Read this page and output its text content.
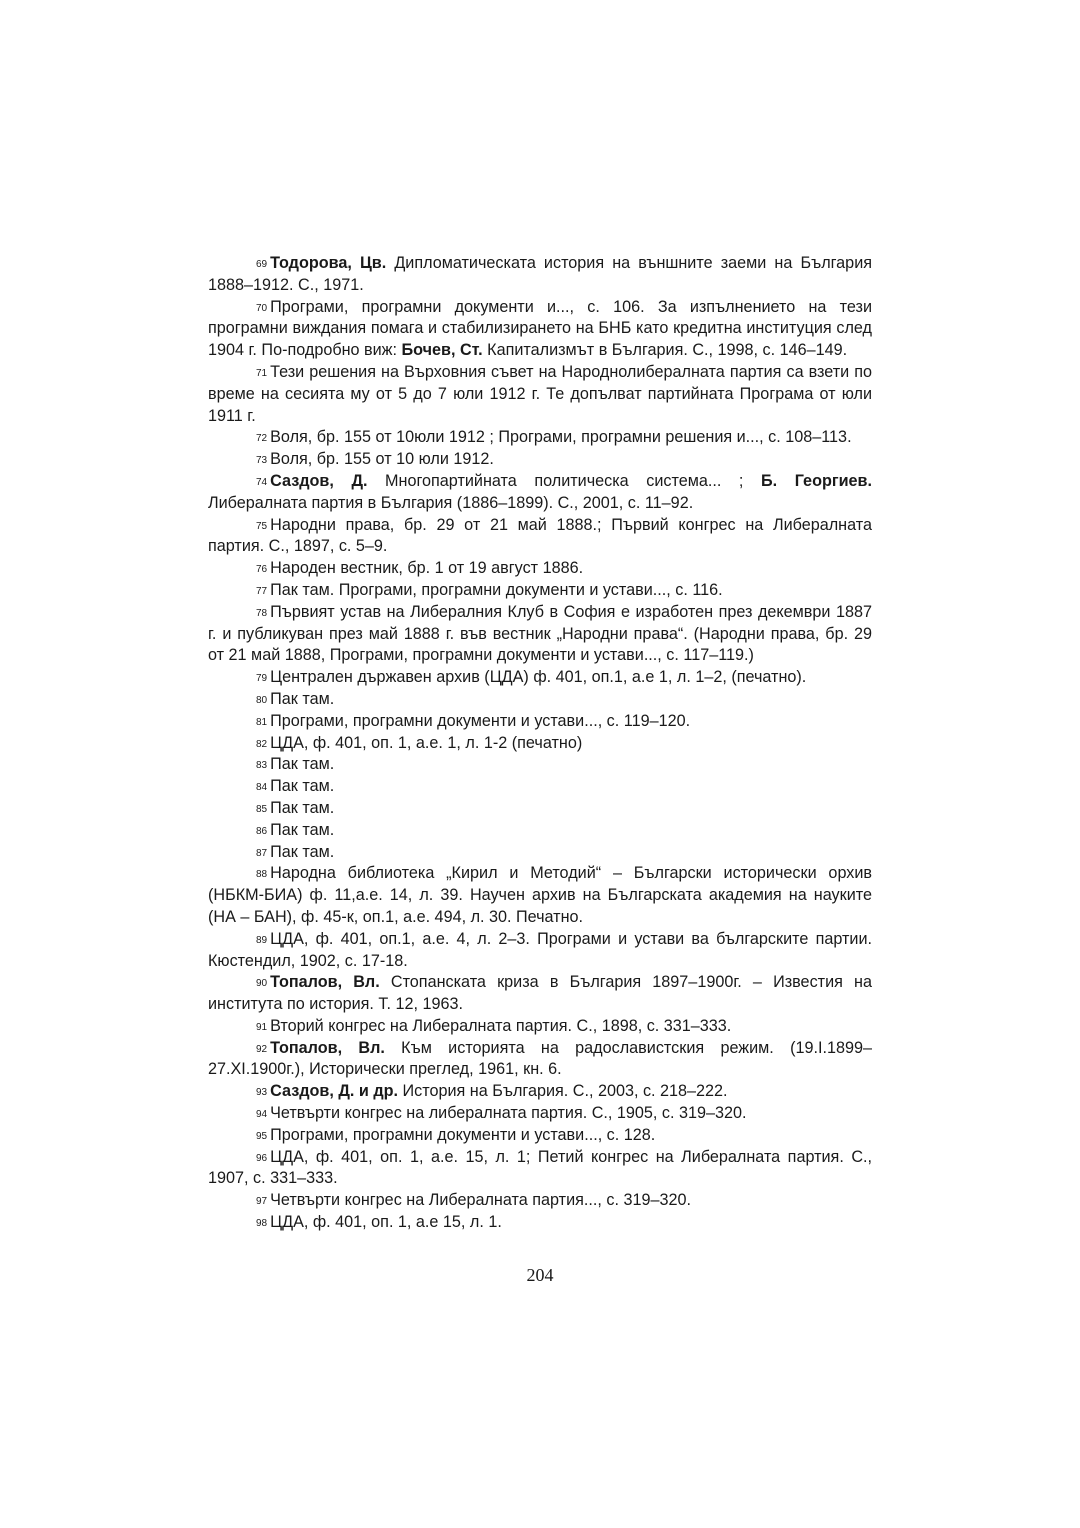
$^{69}$ Тодорова, Цв. Дипломатическата история на външните заеми на България 1888–1912. С., 1971.

$^{70}$ Програми, програмни документи и..., с. 106. За изпълнението на тези програмни виждания помага и стабилизирането на БНБ като кредитна институция след 1904 г. По-подробно виж: Бочев, Ст. Капитализмът в България. С., 1998, с. 146–149.

$^{71}$ Тези решения на Върховния съвет на Народнолибералната партия са взети по време на сесията му от 5 до 7 юли 1912 г. Те допълват партийната Програма от юли 1911 г.

$^{72}$ Воля, бр. 155 от 10юли 1912 ; Програми, програмни решения и..., с. 108–113.

$^{73}$ Воля, бр. 155 от 10 юли 1912.

$^{74}$ Саздов, Д. Многопартийната политическа система... ; Б. Георгиев. Либералната партия в България (1886–1899). С., 2001, с. 11–92.

$^{75}$ Народни права, бр. 29 от 21 май 1888.; Първий конгрес на Либералната партия. С., 1897, с. 5–9.

$^{76}$ Народен вестник, бр. 1 от 19 август 1886.

$^{77}$ Пак там. Програми, програмни документи и устави..., с. 116.

$^{78}$ Първият устав на Либералния Клуб в София е изработен през декември 1887 г. и публикуван през май 1888 г. във вестник „Народни права“. (Народни права, бр. 29 от 21 май 1888, Програми, програмни документи и устави..., с. 117–119.)

$^{79}$ Централен държавен архив (ЦДА) ф. 401, оп.1, а.е 1, л. 1–2, (печатно).

$^{80}$ Пак там.

$^{81}$ Програми, програмни документи и устави..., с. 119–120.

$^{82}$ ЦДА, ф. 401, оп. 1, а.е. 1, л. 1-2 (печатно)

$^{83}$ Пак там.

$^{84}$ Пак там.

$^{85}$ Пак там.

$^{86}$ Пак там.

$^{87}$ Пак там.

$^{88}$ Народна библиотека „Кирил и Методий“ – Български исторически орхив (НБКМ-БИА) ф. 11,а.е. 14, л. 39. Научен архив на Българската академия на науките (НА – БАН), ф. 45-к, оп.1, а.е. 494, л. 30. Печатно.

$^{89}$ ЦДА, ф. 401, оп.1, а.е. 4, л. 2–3. Програми и устави ва българските партии. Кюстендил, 1902, с. 17-18.

$^{90}$ Топалов, Вл. Стопанската криза в България 1897–1900г. – Известия на института по история. Т. 12, 1963.

$^{91}$ Вторий конгрес на Либералната партия. С., 1898, с. 331–333.

$^{92}$ Топалов, Вл. Към историята на радославистския режим. (19.I.1899–27.XI.1900г.), Исторически преглед, 1961, кн. 6.

$^{93}$ Саздов, Д. и др. История на България. С., 2003, с. 218–222.

$^{94}$ Четвърти конгрес на либералната партия. С., 1905, с. 319–320.

$^{95}$ Програми, програмни документи и устави..., с. 128.

$^{96}$ ЦДА, ф. 401, оп. 1, а.е. 15, л. 1; Петий конгрес на Либералната партия. С., 1907, с. 331–333.

$^{97}$ Четвърти конгрес на Либералната партия..., с. 319–320.

$^{98}$ ЦДА, ф. 401, оп. 1, а.е 15, л. 1.

204
